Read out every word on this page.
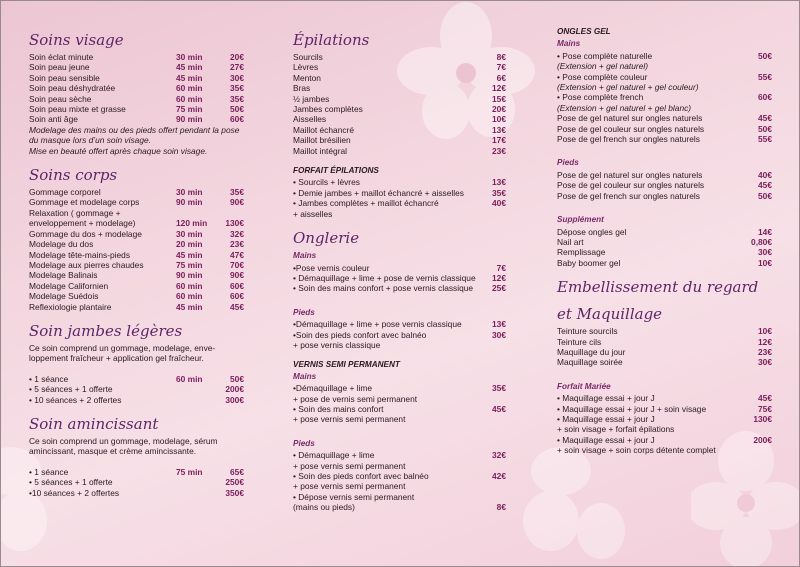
Soins visage
Soin éclat minute	30 min	20€
Soin peau jeune	45 min	27€
Soin peau sensible	45 min	30€
Soin peau déshydratée	60 min	35€
Soin peau sèche	60 min	35€
Soin peau mixte et grasse	75 min	50€
Soin anti âge	90 min	60€
Modelage des mains ou des pieds offert pendant la pose du masque lors d’un soin visage.
Mise en beauté offert après chaque soin visage.
Soins corps
Gommage corporel	30 min	35€
Gommage et modelage corps	90 min	90€
Relaxation ( gommage +
enveloppement + modelage)	120 min	130€
Gommage du dos + modelage	30 min	32€
Modelage du dos	20 min	23€
Modelage tête-mains-pieds	45 min	47€
Modelage aux pierres chaudes	75 min	70€
Modelage Balinais	90 min	90€
Modelage Californien	60 min	60€
Modelage Suédois	60 min	60€
Reflexiologie plantaire	45 min	45€
Soin jambes légères
Ce soin comprend un gommage, modelage, enve-loppement fraîcheur + application gel fraîcheur.
• 1 séance	60 min	50€
• 5 séances + 1 offerte	200€
• 10 séances + 2 offertes	300€
Soin amincissant
Ce soin comprend un gommage, modelage, sérum amincissant, masque et crème amincissante.
• 1 séance	75 min	65€
• 5 séances + 1 offerte	250€
•10 séances + 2 offertes	350€
Épilations
Sourcils	8€
Lèvres	7€
Menton	6€
Bras	12€
½ jambes	15€
Jambes complètes	20€
Aisselles	10€
Maillot échancré	13€
Maillot brésilien	17€
Maillot intégral	23€
FORFAIT ÉPILATIONS
• Sourcils + lèvres	13€
• Demie jambes + maillot échancré + aisselles	35€
• Jambes complètes + maillot échancré	40€
+ aisselles
Onglerie
Mains
•Pose vernis couleur	7€
• Démaquillage + lime + pose de vernis classique	12€
• Soin des mains confort + pose vernis classique	25€
Pieds
•Démaquillage + lime + pose vernis classique	13€
•Soin des pieds confort avec balnéo	30€
+ pose vernis classique
VERNIS SEMI PERMANENT
Mains
•Démaquillage + lime	35€
+ pose de vernis semi permanent
• Soin des mains confort	45€
+ pose vernis semi permanent
Pieds
• Démaquillage + lime	32€
+ pose vernis semi permanent
• Soin des pieds confort avec balnéo	42€
+ pose vernis semi permanent
• Dépose vernis semi permanent
(mains ou pieds)	8€
ONGLES GEL
Mains
• Pose complète naturelle	50€
(Extension + gel naturel)
• Pose complète couleur	55€
(Extension + gel naturel + gel couleur)
• Pose complète french	60€
(Extension + gel naturel + gel blanc)
Pose de gel naturel sur ongles naturels	45€
Pose de gel couleur sur ongles naturels	50€
Pose de gel french sur ongles naturels	55€
Pieds
Pose de gel naturel sur ongles naturels	40€
Pose de gel couleur sur ongles naturels	45€
Pose de gel french sur ongles naturels	50€
Supplément
Dépose ongles gel	14€
Nail art	0,80€
Remplissage	30€
Baby boomer gel	10€
Embellissement du regard
et Maquillage
Teinture sourcils	10€
Teinture cils	12€
Maquillage du jour	23€
Maquillage soirée	30€
Forfait Mariée
• Maquillage essai + jour J	45€
• Maquillage essai + jour J + soin visage	75€
• Maquillage essai + jour J	130€
+ soin visage + forfait épilations
• Maquillage essai + jour J	200€
+ soin visage + soin corps détente complet
